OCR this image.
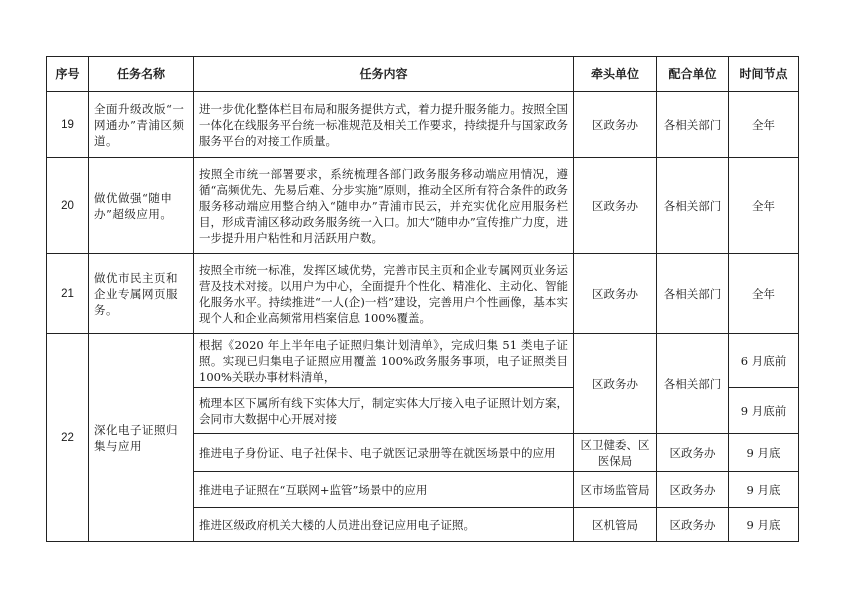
序号	任务名称	任务内容	牵头单位	配合单位	时间节点
19	全面升级改版“一网通办”青浦区频道。	进一步优化整体栏目布局和服务提供方式，着力提升服务能力。按照全国一体化在线服务平台统一标准规范及相关工作要求，持续提升与国家政务服务平台的对接工作质量。	区政务办	各相关部门	全年
20	做优做强“随申办”超级应用。	按照全市统一部署要求，系统梳理各部门政务服务移动端应用情况，遵循“高频优先、先易后难、分步实施”原则，推动全区所有符合条件的政务服务移动端应用整合纳入“随申办”青浦市民云，并充实优化应用服务栏目，形成青浦区移动政务服务统一入口。加大“随申办”宣传推广力度，进一步提升用户粘性和月活跃用户数。	区政务办	各相关部门	全年
21	做优市民主页和企业专属网页服务。	按照全市统一标准，发挥区域优势，完善市民主页和企业专属网页业务运营及技术对接。以用户为中心，全面提升个性化、精准化、主动化、智能化服务水平。持续推进“一人(企)一档”建设，完善用户个性画像，基本实现个人和企业高频常用档案信息 100%覆盖。	区政务办	各相关部门	全年
22	深化电子证照归集与应用	根据《2020 年上半年电子证照归集计划清单》，完成归集 51 类电子证照。实现已归集电子证照应用覆盖 100%政务服务事项，电子证照类目 100%关联办事材料清单，	区政务办	各相关部门	6 月底前
		梳理本区下属所有线下实体大厅，制定实体大厅接入电子证照计划方案，会同市大数据中心开展对接			9 月底前

		推进电子身份证、电子社保卡、电子就医记录册等在就医场景中的应用	区卫健委、区医保局	区政务办	9 月底
		推进电子证照在“互联网+监管”场景中的应用	区市场监管局	区政务办	9 月底
		推进区级政府机关大楼的人员进出登记应用电子证照。	区机管局	区政务办	9 月底
